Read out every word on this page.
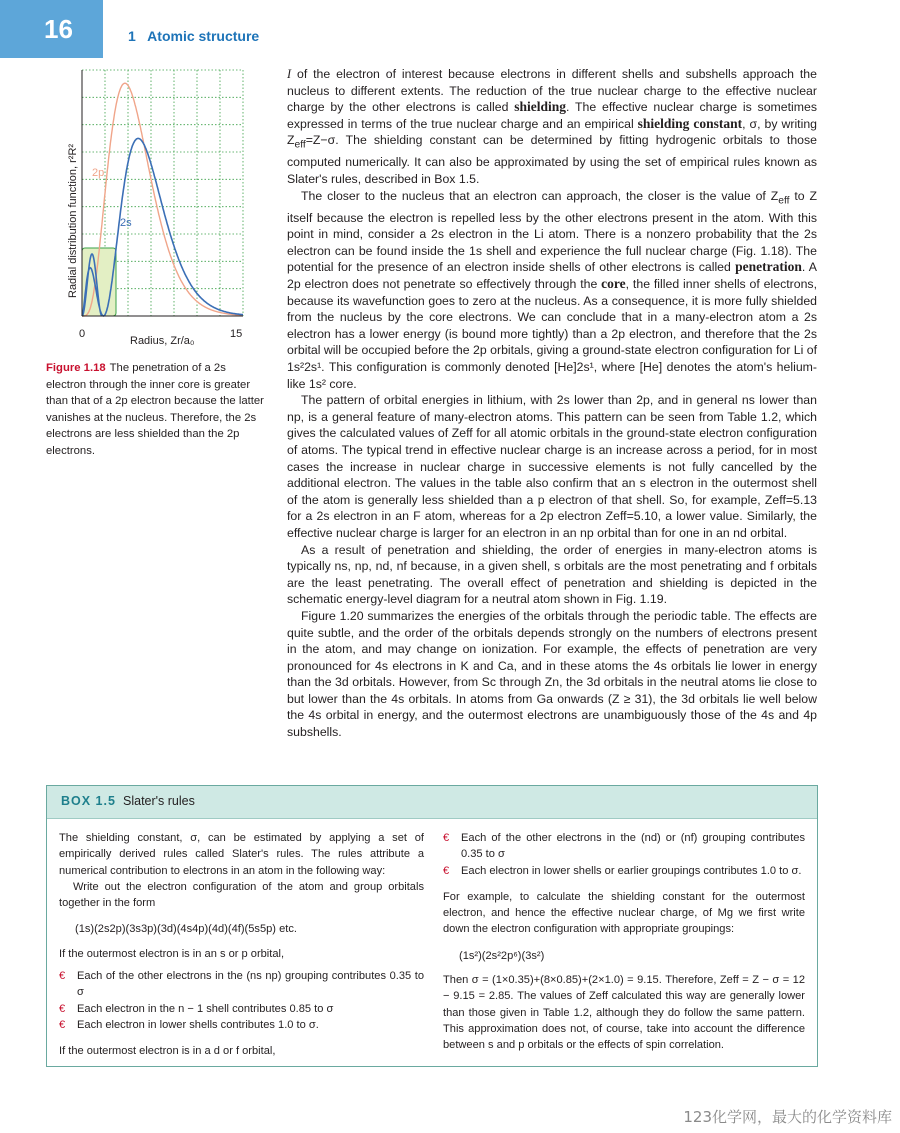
16	1 Atomic structure
2p
2s
0	15
Radius, Zr/a₀
Radial distribution function, r²R²
Figure 1.18 The penetration of a 2s electron through the inner core is greater than that of a 2p electron because the latter vanishes at the nucleus. Therefore, the 2s electrons are less shielded than the 2p electrons.

I of the electron of interest because electrons in different shells and subshells approach the nucleus to different extents. The reduction of the true nuclear charge to the effective nuclear charge by the other electrons is called shielding. The effective nuclear charge is sometimes expressed in terms of the true nuclear charge and an empirical shielding constant, σ, by writing $Z_{eff}=Z-\sigma$. The shielding constant can be determined by fitting hydrogenic orbitals to those computed numerically. It can also be approximated by using the set of empirical rules known as Slater's rules, described in Box 1.5.

The closer to the nucleus that an electron can approach, the closer is the value of $Z_{eff}$ to Z itself because the electron is repelled less by the other electrons present in the atom. With this point in mind, consider a 2s electron in the Li atom. There is a nonzero probability that the 2s electron can be found inside the 1s shell and experience the full nuclear charge (Fig. 1.18). The potential for the presence of an electron inside shells of other electrons is called penetration. A 2p electron does not penetrate so effectively through the core, the filled inner shells of electrons, because its wavefunction goes to zero at the nucleus. As a consequence, it is more fully shielded from the nucleus by the core electrons. We can conclude that in a many-electron atom a 2s electron has a lower energy (is bound more tightly) than a 2p electron, and therefore that the 2s orbital will be occupied before the 2p orbitals, giving a ground-state electron configuration for Li of 1s²2s¹. This configuration is commonly denoted [He]2s¹, where [He] denotes the atom's helium-like 1s² core.

The pattern of orbital energies in lithium, with 2s lower than 2p, and in general ns lower than np, is a general feature of many-electron atoms. This pattern can be seen from Table 1.2, which gives the calculated values of Zeff for all atomic orbitals in the ground-state electron configuration of atoms. The typical trend in effective nuclear charge is an increase across a period, for in most cases the increase in nuclear charge in successive elements is not fully cancelled by the additional electron. The values in the table also confirm that an s electron in the outermost shell of the atom is generally less shielded than a p electron of that shell. So, for example, Zeff=5.13 for a 2s electron in an F atom, whereas for a 2p electron Zeff=5.10, a lower value. Similarly, the effective nuclear charge is larger for an electron in an np orbital than for one in an nd orbital.

As a result of penetration and shielding, the order of energies in many-electron atoms is typically ns, np, nd, nf because, in a given shell, s orbitals are the most penetrating and f orbitals are the least penetrating. The overall effect of penetration and shielding is depicted in the schematic energy-level diagram for a neutral atom shown in Fig. 1.19.

Figure 1.20 summarizes the energies of the orbitals through the periodic table. The effects are quite subtle, and the order of the orbitals depends strongly on the numbers of electrons present in the atom, and may change on ionization. For example, the effects of penetration are very pronounced for 4s electrons in K and Ca, and in these atoms the 4s orbitals lie lower in energy than the 3d orbitals. However, from Sc through Zn, the 3d orbitals in the neutral atoms lie close to but lower than the 4s orbitals. In atoms from Ga onwards (Z ≥ 31), the 3d orbitals lie well below the 4s orbital in energy, and the outermost electrons are unambiguously those of the 4s and 4p subshells.

BOX 1.5 Slater's rules

The shielding constant, σ, can be estimated by applying a set of empirically derived rules called Slater's rules. The rules attribute a numerical contribution to electrons in an atom in the following way:

Write out the electron configuration of the atom and group orbitals together in the form

(1s)(2s2p)(3s3p)(3d)(4s4p)(4d)(4f)(5s5p) etc.

If the outermost electron is in an s or p orbital,

€ Each of the other electrons in the (ns np) grouping contributes 0.35 to σ

€ Each electron in the n − 1 shell contributes 0.85 to σ

€ Each electron in lower shells contributes 1.0 to σ.

If the outermost electron is in a d or f orbital,

€ Each of the other electrons in the (nd) or (nf) grouping contributes 0.35 to σ

€ Each electron in lower shells or earlier groupings contributes 1.0 to σ.

For example, to calculate the shielding constant for the outermost electron, and hence the effective nuclear charge, of Mg we first write down the electron configuration with appropriate groupings:

(1s²)(2s²2p⁶)(3s²)

Then σ = (1×0.35)+(8×0.85)+(2×1.0) = 9.15. Therefore, Zeff = Z − σ = 12 − 9.15 = 2.85. The values of Zeff calculated this way are generally lower than those given in Table 1.2, although they do follow the same pattern. This approximation does not, of course, take into account the difference between s and p orbitals or the effects of spin correlation.

123化学网，最大的化学资料库
